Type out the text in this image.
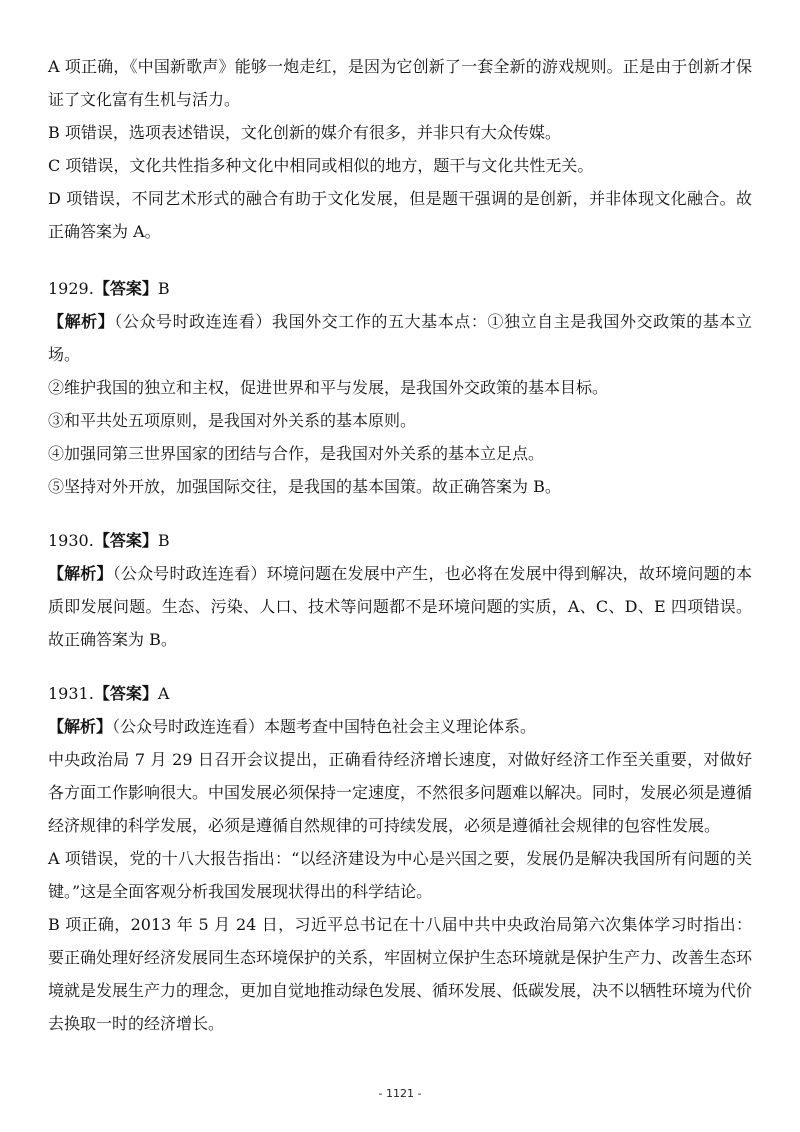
A 项正确，《中国新歌声》能够一炮走红，是因为它创新了一套全新的游戏规则。正是由于创新才保证了文化富有生机与活力。

B 项错误，选项表述错误，文化创新的媒介有很多，并非只有大众传媒。

C 项错误，文化共性指多种文化中相同或相似的地方，题干与文化共性无关。

D 项错误，不同艺术形式的融合有助于文化发展，但是题干强调的是创新，并非体现文化融合。故正确答案为 A。

1929.【答案】B

【解析】（公众号时政连连看）我国外交工作的五大基本点：①独立自主是我国外交政策的基本立场。

②维护我国的独立和主权，促进世界和平与发展，是我国外交政策的基本目标。

③和平共处五项原则，是我国对外关系的基本原则。

④加强同第三世界国家的团结与合作，是我国对外关系的基本立足点。

⑤坚持对外开放，加强国际交往，是我国的基本国策。故正确答案为 B。

1930.【答案】B

【解析】（公众号时政连连看）环境问题在发展中产生，也必将在发展中得到解决，故环境问题的本质即发展问题。生态、污染、人口、技术等问题都不是环境问题的实质，A、C、D、E 四项错误。故正确答案为 B。

1931.【答案】A

【解析】（公众号时政连连看）本题考查中国特色社会主义理论体系。

中央政治局 7 月 29 日召开会议提出，正确看待经济增长速度，对做好经济工作至关重要，对做好各方面工作影响很大。中国发展必须保持一定速度，不然很多问题难以解决。同时，发展必须是遵循经济规律的科学发展，必须是遵循自然规律的可持续发展，必须是遵循社会规律的包容性发展。

A 项错误，党的十八大报告指出：“以经济建设为中心是兴国之要，发展仍是解决我国所有问题的关键。”这是全面客观分析我国发展现状得出的科学结论。

B 项正确，2013 年 5 月 24 日，习近平总书记在十八届中共中央政治局第六次集体学习时指出：要正确处理好经济发展同生态环境保护的关系，牢固树立保护生态环境就是保护生产力、改善生态环境就是发展生产力的理念，更加自觉地推动绿色发展、循环发展、低碳发展，决不以牺牲环境为代价去换取一时的经济增长。

- 1121 -
